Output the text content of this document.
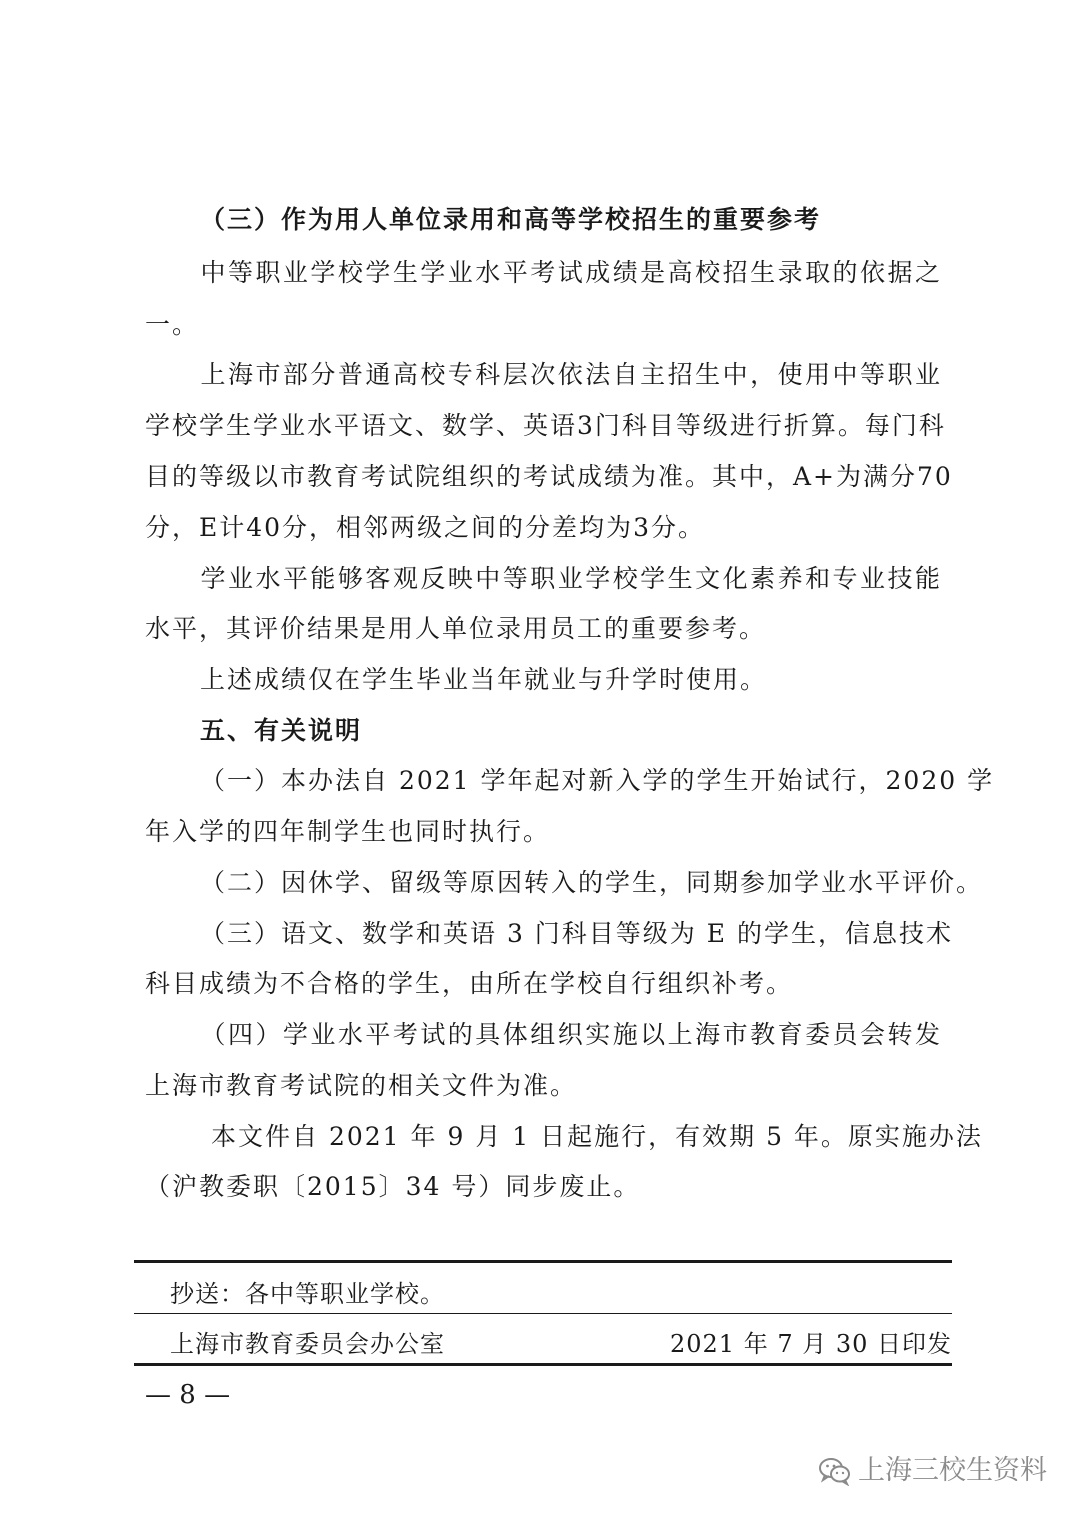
（三）作为用人单位录用和高等学校招生的重要参考
中等职业学校学生学业水平考试成绩是高校招生录取的依据之
一。
上海市部分普通高校专科层次依法自主招生中，使用中等职业
学校学生学业水平语文、数学、英语3门科目等级进行折算。每门科
目的等级以市教育考试院组织的考试成绩为准。其中，A+为满分70
分，E计40分，相邻两级之间的分差均为3分。
学业水平能够客观反映中等职业学校学生文化素养和专业技能
水平，其评价结果是用人单位录用员工的重要参考。
上述成绩仅在学生毕业当年就业与升学时使用。
五、有关说明
（一）本办法自 2021 学年起对新入学的学生开始试行，2020 学
年入学的四年制学生也同时执行。
（二）因休学、留级等原因转入的学生，同期参加学业水平评价。
（三）语文、数学和英语 3 门科目等级为 E 的学生，信息技术
科目成绩为不合格的学生，由所在学校自行组织补考。
（四）学业水平考试的具体组织实施以上海市教育委员会转发
上海市教育考试院的相关文件为准。
本文件自 2021 年 9 月 1 日起施行，有效期 5 年。原实施办法
（沪教委职〔2015〕34 号）同步废止。
抄送：各中等职业学校。
上海市教育委员会办公室	2021 年 7 月 30 日印发
— 8 —
上海三校生资料
